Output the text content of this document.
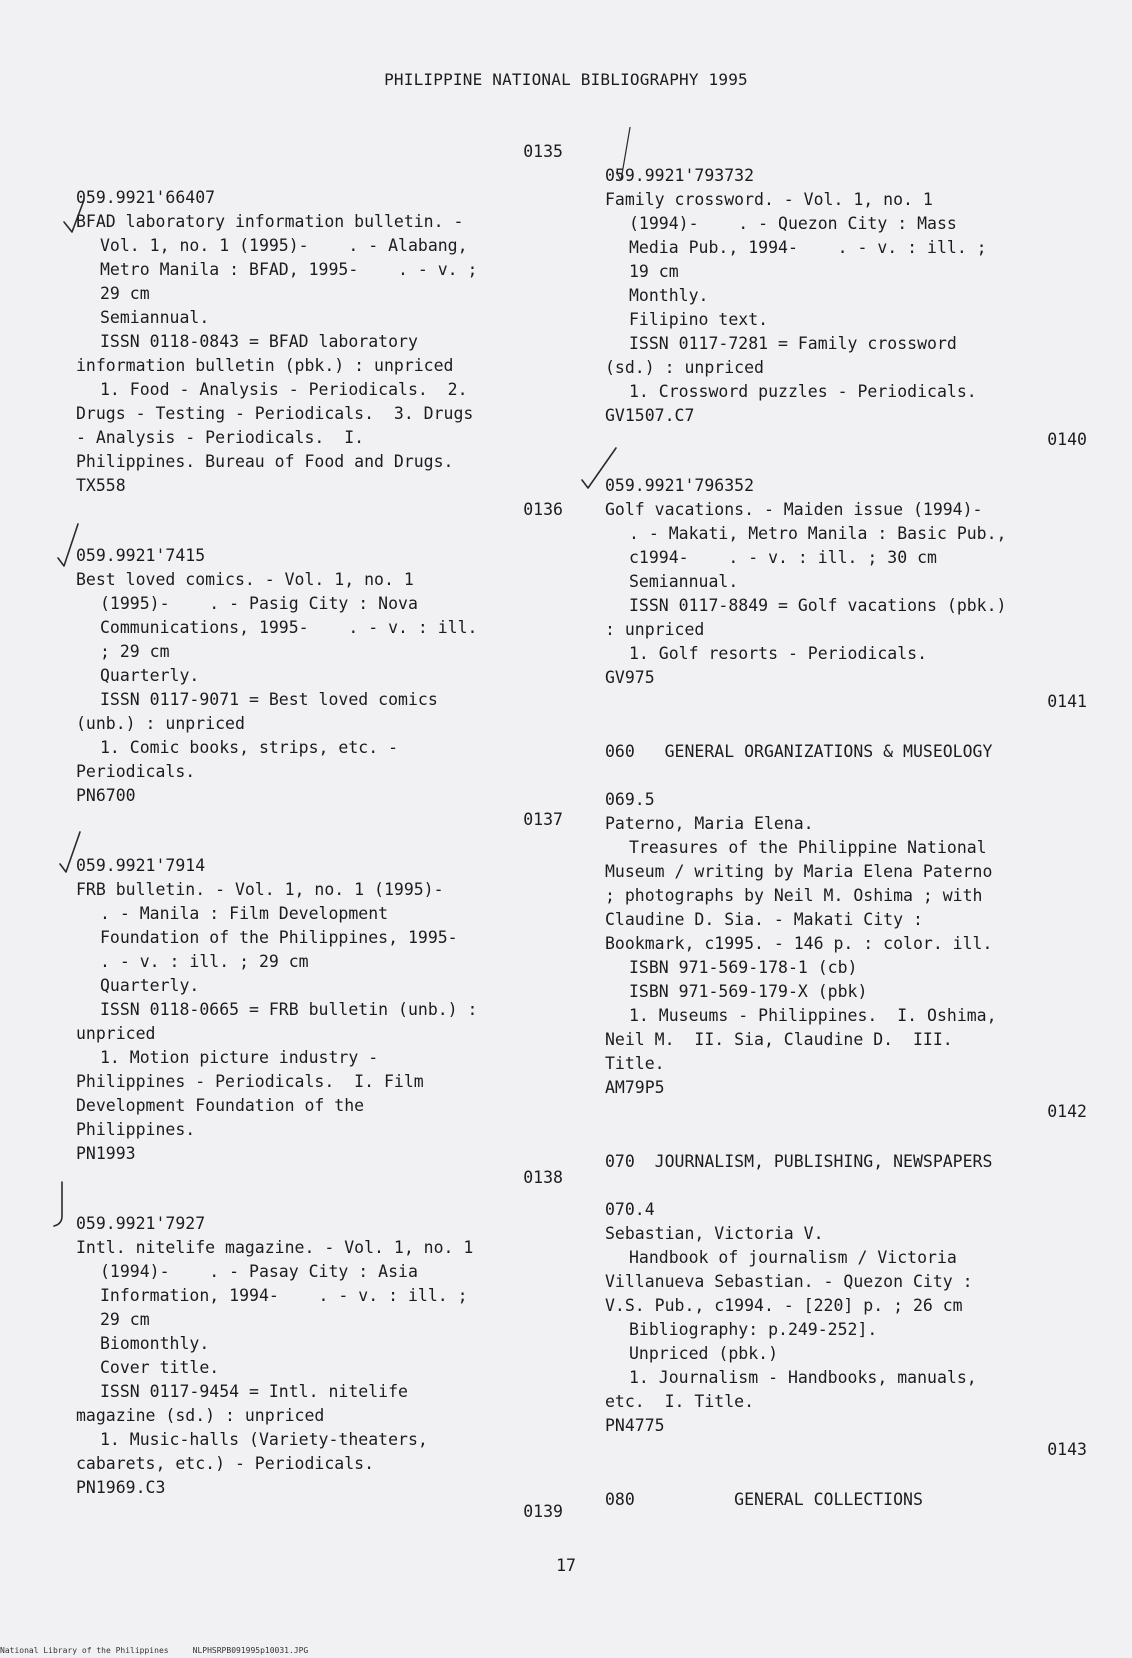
PHILIPPINE NATIONAL BIBLIOGRAPHY 1995
0135
059.9921'66407
BFAD laboratory information bulletin. -
Vol. 1, no. 1 (1995)-    . - Alabang,
Metro Manila : BFAD, 1995-    . - v. ;
29 cm
Semiannual.
ISSN 0118-0843 = BFAD laboratory
information bulletin (pbk.) : unpriced
1. Food - Analysis - Periodicals.  2.
Drugs - Testing - Periodicals.  3. Drugs
- Analysis - Periodicals.  I.
Philippines. Bureau of Food and Drugs.
TX558
0136
059.9921'7415
Best loved comics. - Vol. 1, no. 1
(1995)-    . - Pasig City : Nova
Communications, 1995-    . - v. : ill.
; 29 cm
Quarterly.
ISSN 0117-9071 = Best loved comics
(unb.) : unpriced
1. Comic books, strips, etc. -
Periodicals.
PN6700
0137
059.9921'7914
FRB bulletin. - Vol. 1, no. 1 (1995)-
. - Manila : Film Development
Foundation of the Philippines, 1995-
. - v. : ill. ; 29 cm
Quarterly.
ISSN 0118-0665 = FRB bulletin (unb.) :
unpriced
1. Motion picture industry -
Philippines - Periodicals.  I. Film
Development Foundation of the
Philippines.
PN1993
0138
059.9921'7927
Intl. nitelife magazine. - Vol. 1, no. 1
(1994)-    . - Pasay City : Asia
Information, 1994-    . - v. : ill. ;
29 cm
Biomonthly.
Cover title.
ISSN 0117-9454 = Intl. nitelife
magazine (sd.) : unpriced
1. Music-halls (Variety-theaters,
cabarets, etc.) - Periodicals.
PN1969.C3
0139
059.9921'793732
Family crossword. - Vol. 1, no. 1
(1994)-    . - Quezon City : Mass
Media Pub., 1994-    . - v. : ill. ;
19 cm
Monthly.
Filipino text.
ISSN 0117-7281 = Family crossword
(sd.) : unpriced
1. Crossword puzzles - Periodicals.
GV1507.C7
0140
059.9921'796352
Golf vacations. - Maiden issue (1994)-
. - Makati, Metro Manila : Basic Pub.,
c1994-    . - v. : ill. ; 30 cm
Semiannual.
ISSN 0117-8849 = Golf vacations (pbk.)
: unpriced
1. Golf resorts - Periodicals.
GV975
0141
060   GENERAL ORGANIZATIONS & MUSEOLOGY
069.5
Paterno, Maria Elena.
Treasures of the Philippine National
Museum / writing by Maria Elena Paterno
; photographs by Neil M. Oshima ; with
Claudine D. Sia. - Makati City :
Bookmark, c1995. - 146 p. : color. ill.
ISBN 971-569-178-1 (cb)
ISBN 971-569-179-X (pbk)
1. Museums - Philippines.  I. Oshima,
Neil M.  II. Sia, Claudine D.  III.
Title.
AM79P5
0142
070  JOURNALISM, PUBLISHING, NEWSPAPERS
070.4
Sebastian, Victoria V.
Handbook of journalism / Victoria
Villanueva Sebastian. - Quezon City :
V.S. Pub., c1994. - [220] p. ; 26 cm
Bibliography: p.249-252].
Unpriced (pbk.)
1. Journalism - Handbooks, manuals,
etc.  I. Title.
PN4775
0143
080          GENERAL COLLECTIONS
17
National Library of the Philippines     NLPHSRPB091995p10031.JPG
